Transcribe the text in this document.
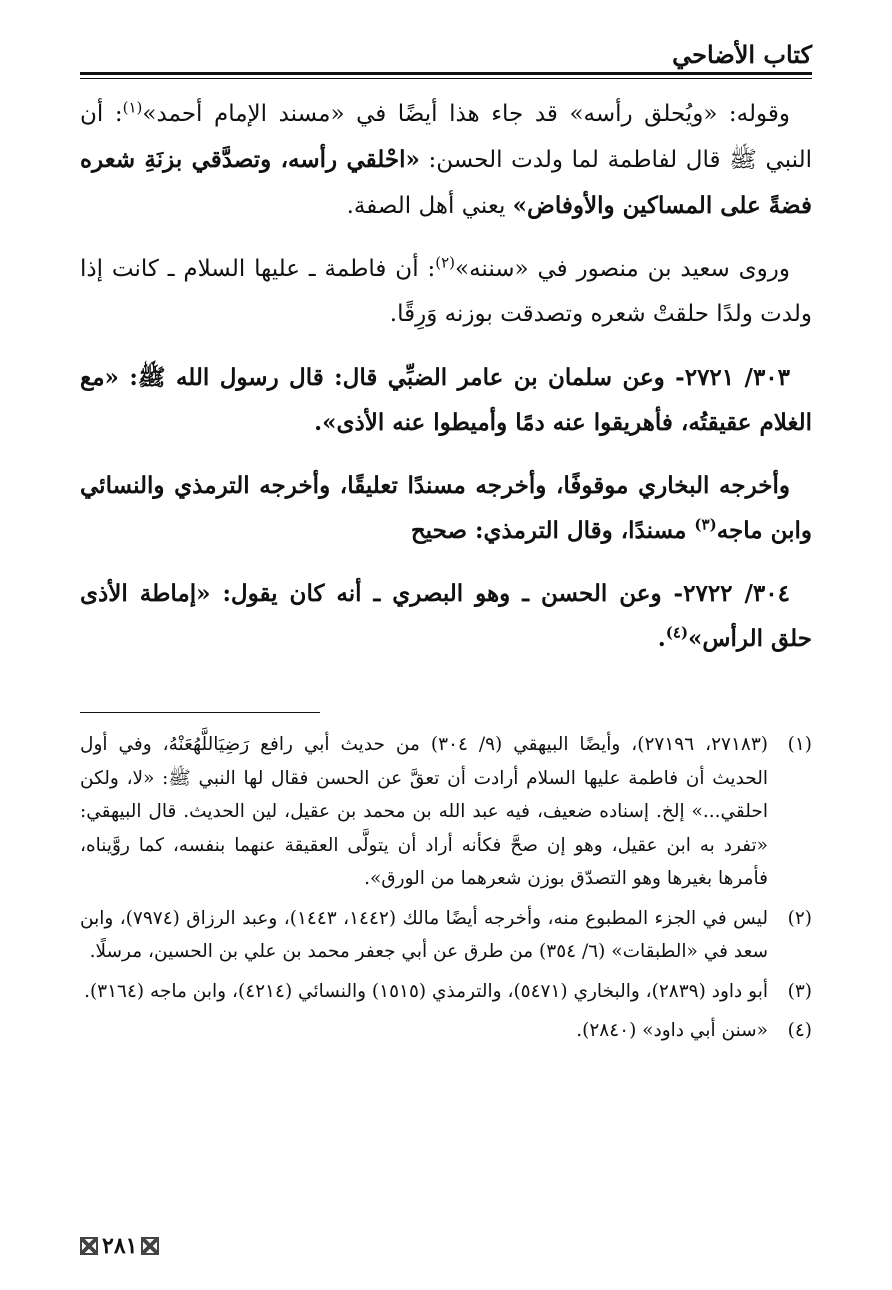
كتاب الأضاحي

وقوله: «ويُحلق رأسه» قد جاء هذا أيضًا في «مسند الإمام أحمد»$^{(١)}$: أن النبي ﷺ قال لفاطمة لما ولدت الحسن: «احْلقي رأسه، وتصدَّقي بزنَةِ شعره فضةً على المساكين والأوفاض» يعني أهل الصفة.

وروى سعيد بن منصور في «سننه»$^{(٢)}$: أن فاطمة ـ عليها السلام ـ كانت إذا ولدت ولدًا حلقتْ شعره وتصدقت بوزنه وَرِقًا.

٣٠٣/ ٢٧٢١- وعن سلمان بن عامر الضبِّي قال: قال رسول الله ﷺ: «مع الغلام عقيقتُه، فأهريقوا عنه دمًا وأميطوا عنه الأذى».

وأخرجه البخاري موقوفًا، وأخرجه مسندًا تعليقًا، وأخرجه الترمذي والنسائي وابن ماجه$^{(٣)}$ مسندًا، وقال الترمذي: صحيح

٣٠٤/ ٢٧٢٢- وعن الحسن ـ وهو البصري ـ أنه كان يقول: «إماطة الأذى حلق الرأس»$^{(٤)}$.

(١)
(٢٧١٨٣، ٢٧١٩٦)، وأيضًا البيهقي (٩/ ٣٠٤) من حديث أبي رافع رَضِيَاللَّهُعَنْهُ، وفي أول الحديث أن فاطمة عليها السلام أرادت أن تعقَّ عن الحسن فقال لها النبي ﷺ: «لا، ولكن احلقي...» إلخ. إسناده ضعيف، فيه عبد الله بن محمد بن عقيل، لين الحديث. قال البيهقي: «تفرد به ابن عقيل، وهو إن صحَّ فكأنه أراد أن يتولَّى العقيقة عنهما بنفسه، كما روَّيناه، فأمرها بغيرها وهو التصدّق بوزن شعرهما من الورق».
(٢)
ليس في الجزء المطبوع منه، وأخرجه أيضًا مالك (١٤٤٢، ١٤٤٣)، وعبد الرزاق (٧٩٧٤)، وابن سعد في «الطبقات» (٦/ ٣٥٤) من طرق عن أبي جعفر محمد بن علي بن الحسين، مرسلًا.
(٣)
أبو داود (٢٨٣٩)، والبخاري (٥٤٧١)، والترمذي (١٥١٥) والنسائي (٤٢١٤)، وابن ماجه (٣١٦٤).
(٤)
«سنن أبي داود» (٢٨٤٠).
٢٨١
